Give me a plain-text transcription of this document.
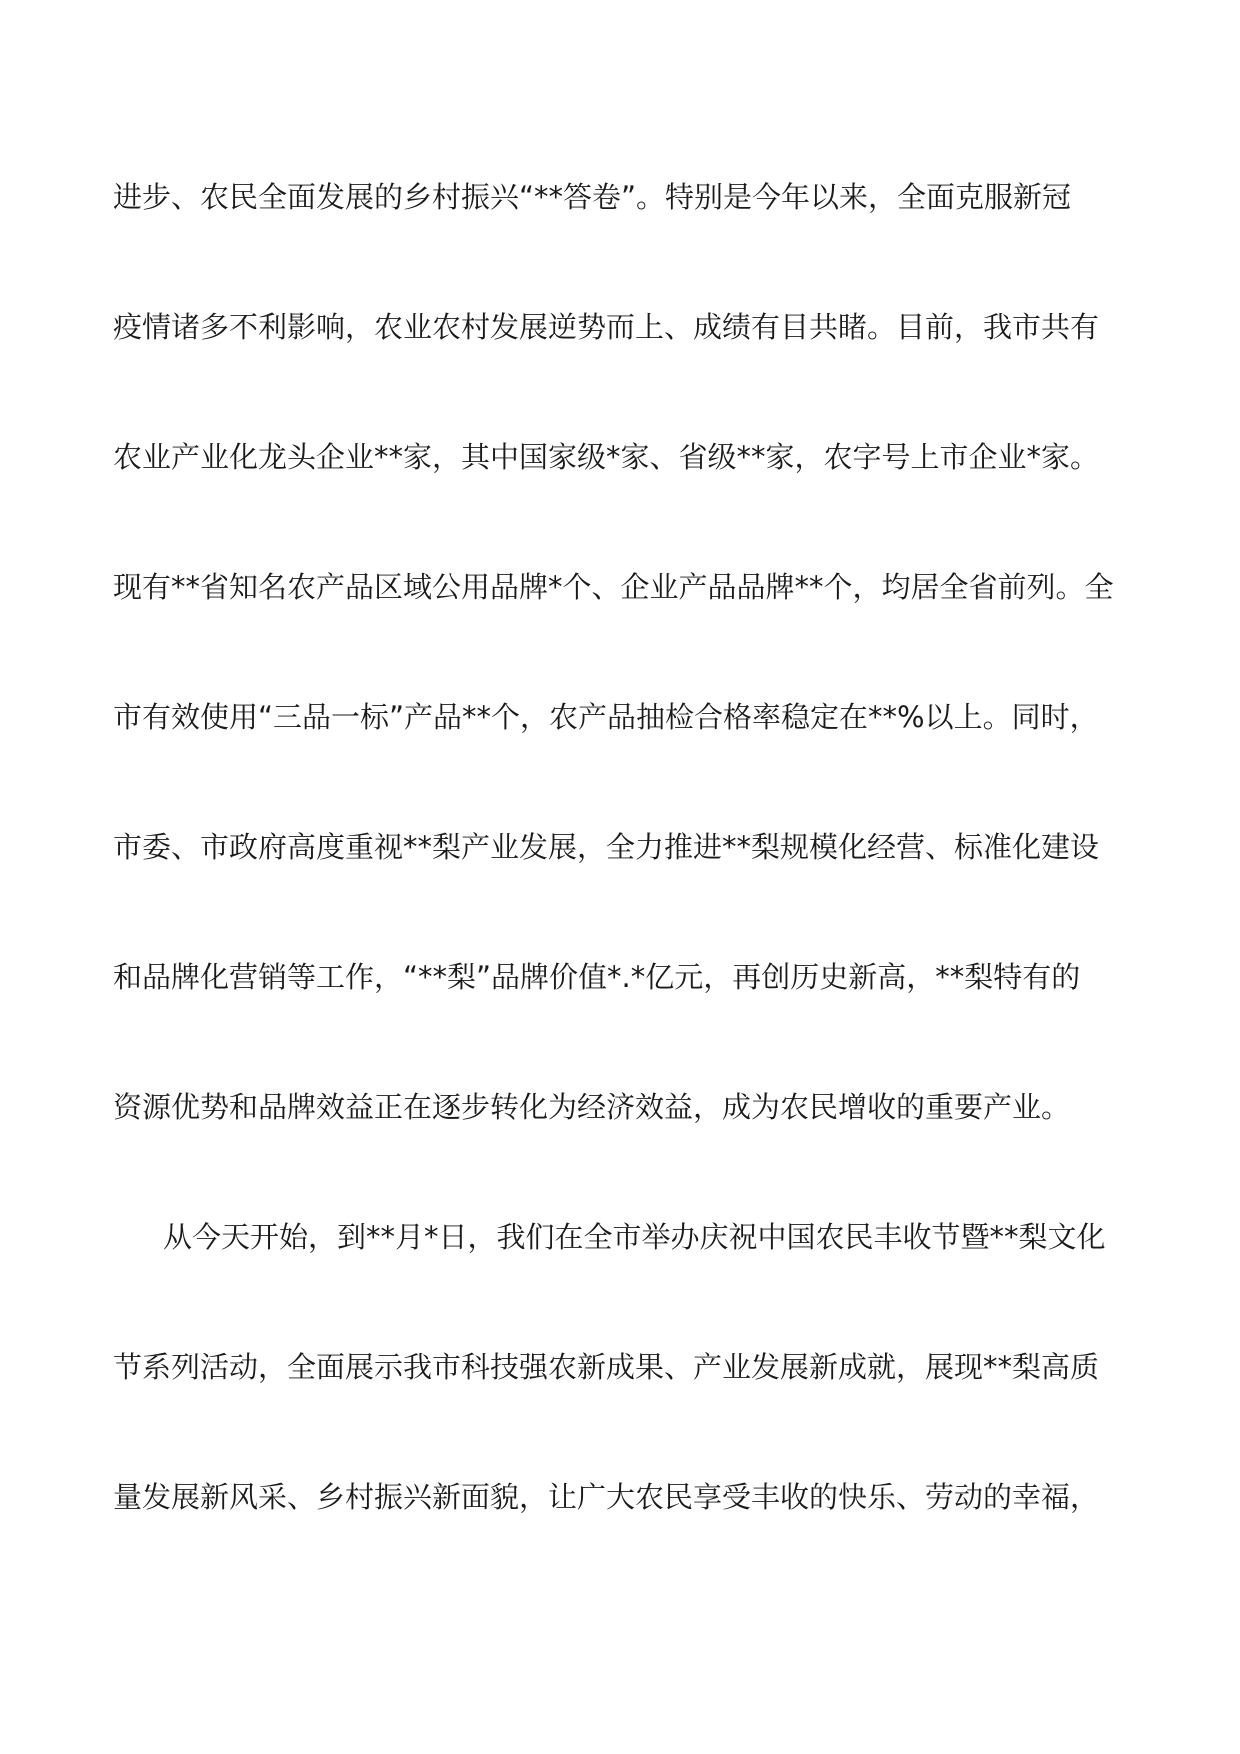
进步、农民全面发展的乡村振兴“**答卷”。特别是今年以来，全面克服新冠
疫情诸多不利影响，农业农村发展逆势而上、成绩有目共睹。目前，我市共有
农业产业化龙头企业**家，其中国家级*家、省级**家，农字号上市企业*家。
现有**省知名农产品区域公用品牌*个、企业产品品牌**个，均居全省前列。全
市有效使用“三品一标”产品**个，农产品抽检合格率稳定在**%以上。同时，
市委、市政府高度重视**梨产业发展，全力推进**梨规模化经营、标准化建设
和品牌化营销等工作，“**梨”品牌价值*.*亿元，再创历史新高，**梨特有的
资源优势和品牌效益正在逐步转化为经济效益，成为农民增收的重要产业。
从今天开始，到**月*日，我们在全市举办庆祝中国农民丰收节暨**梨文化
节系列活动，全面展示我市科技强农新成果、产业发展新成就，展现**梨高质
量发展新风采、乡村振兴新面貌，让广大农民享受丰收的快乐、劳动的幸福，
